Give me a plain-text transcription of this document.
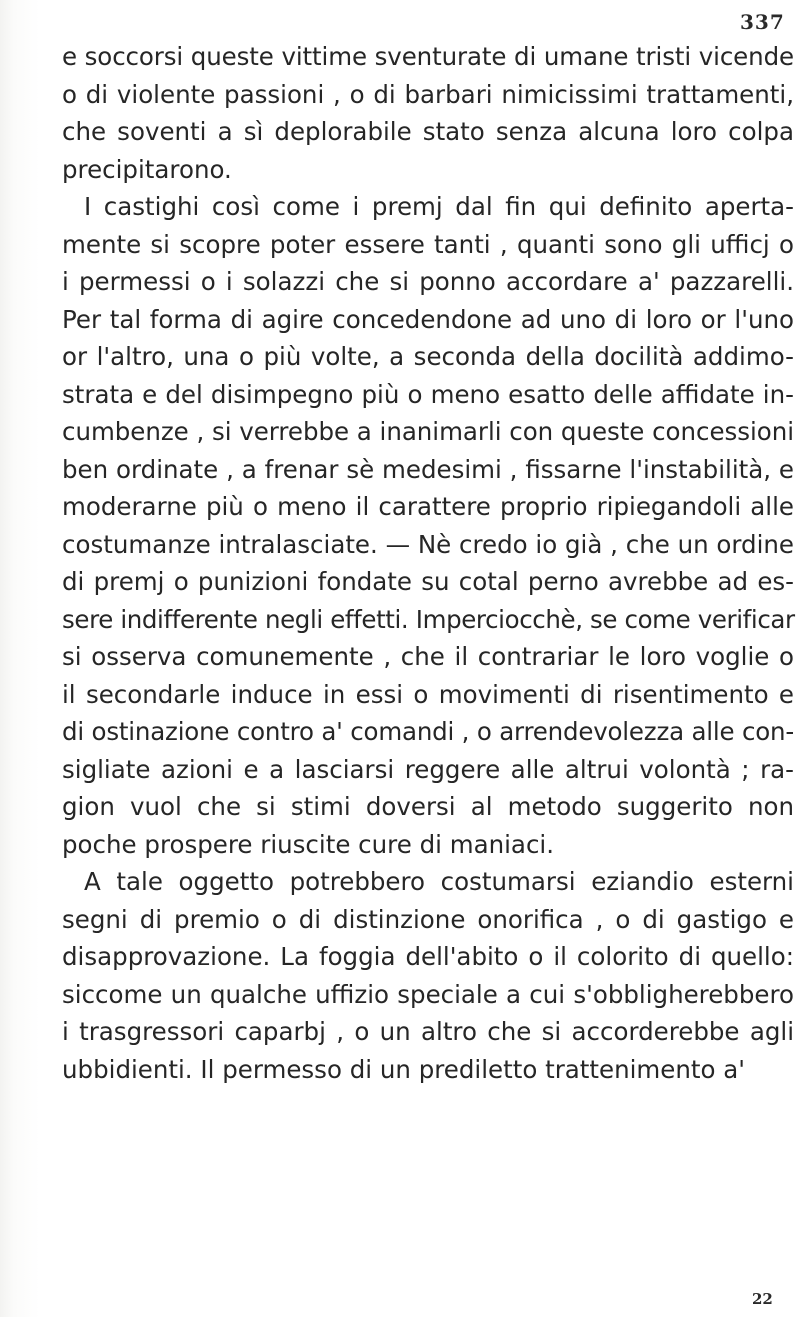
337
e soccorsi queste vittime sventurate di umane tristi vicende
o di violente passioni , o di barbari nimicissimi trattamenti,
che soventi a sì deplorabile stato senza alcuna loro colpa
precipitarono.
I castighi così come i premj dal fin qui definito aperta-
mente si scopre poter essere tanti , quanti sono gli ufficj o
i permessi o i solazzi che si ponno accordare a' pazzarelli.
Per tal forma di agire concedendone ad uno di loro or l'uno
or l'altro, una o più volte, a seconda della docilità addimo-
strata e del disimpegno più o meno esatto delle affidate in-
cumbenze , si verrebbe a inanimarli con queste concessioni
ben ordinate , a frenar sè medesimi , fissarne l'instabilità, e
moderarne più o meno il carattere proprio ripiegandoli alle
costumanze intralasciate. — Nè credo io già , che un ordine
di premj o punizioni fondate su cotal perno avrebbe ad es-
sere indifferente negli effetti. Imperciocchè, se come verificar
si osserva comunemente , che il contrariar le loro voglie o
il secondarle induce in essi o movimenti di risentimento e
di ostinazione contro a' comandi , o arrendevolezza alle con-
sigliate azioni e a lasciarsi reggere alle altrui volontà ; ra-
gion vuol che si stimi doversi al metodo suggerito non
poche prospere riuscite cure di maniaci.
A tale oggetto potrebbero costumarsi eziandio esterni
segni di premio o di distinzione onorifica , o di gastigo e
disapprovazione. La foggia dell'abito o il colorito di quello:
siccome un qualche uffizio speciale a cui s'obbligherebbero
i trasgressori caparbj , o un altro che si accorderebbe agli
ubbidienti. Il permesso di un prediletto trattenimento a'
22
